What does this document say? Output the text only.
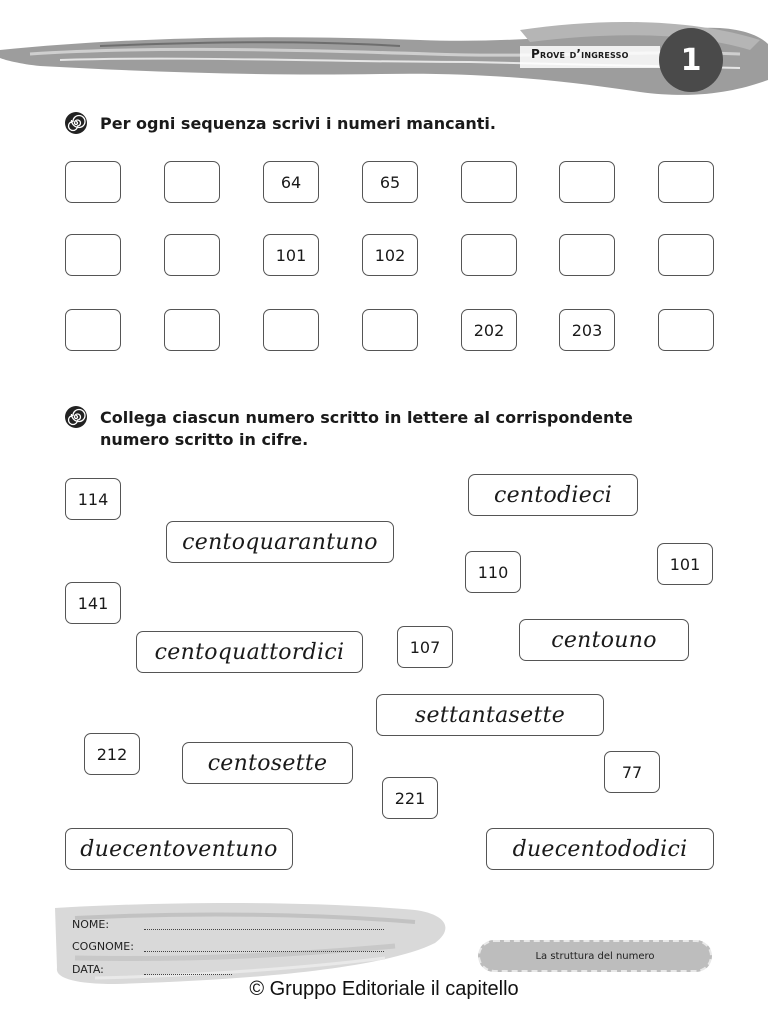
Prove d’ingresso	1
Per ogni sequenza scrivi i numeri mancanti.
64	65
101	102
202	203
Collega ciascun numero scritto in lettere al corrispondente
numero scritto in cifre.
114
110	101
141
107
212
77
221
centodieci
centoquarantuno
centoquattordici	centouno
settantasette
centosette
duecentoventuno	duecentododici
NOME:
COGNOME:
DATA:
La struttura del numero
© Gruppo Editoriale il capitello
